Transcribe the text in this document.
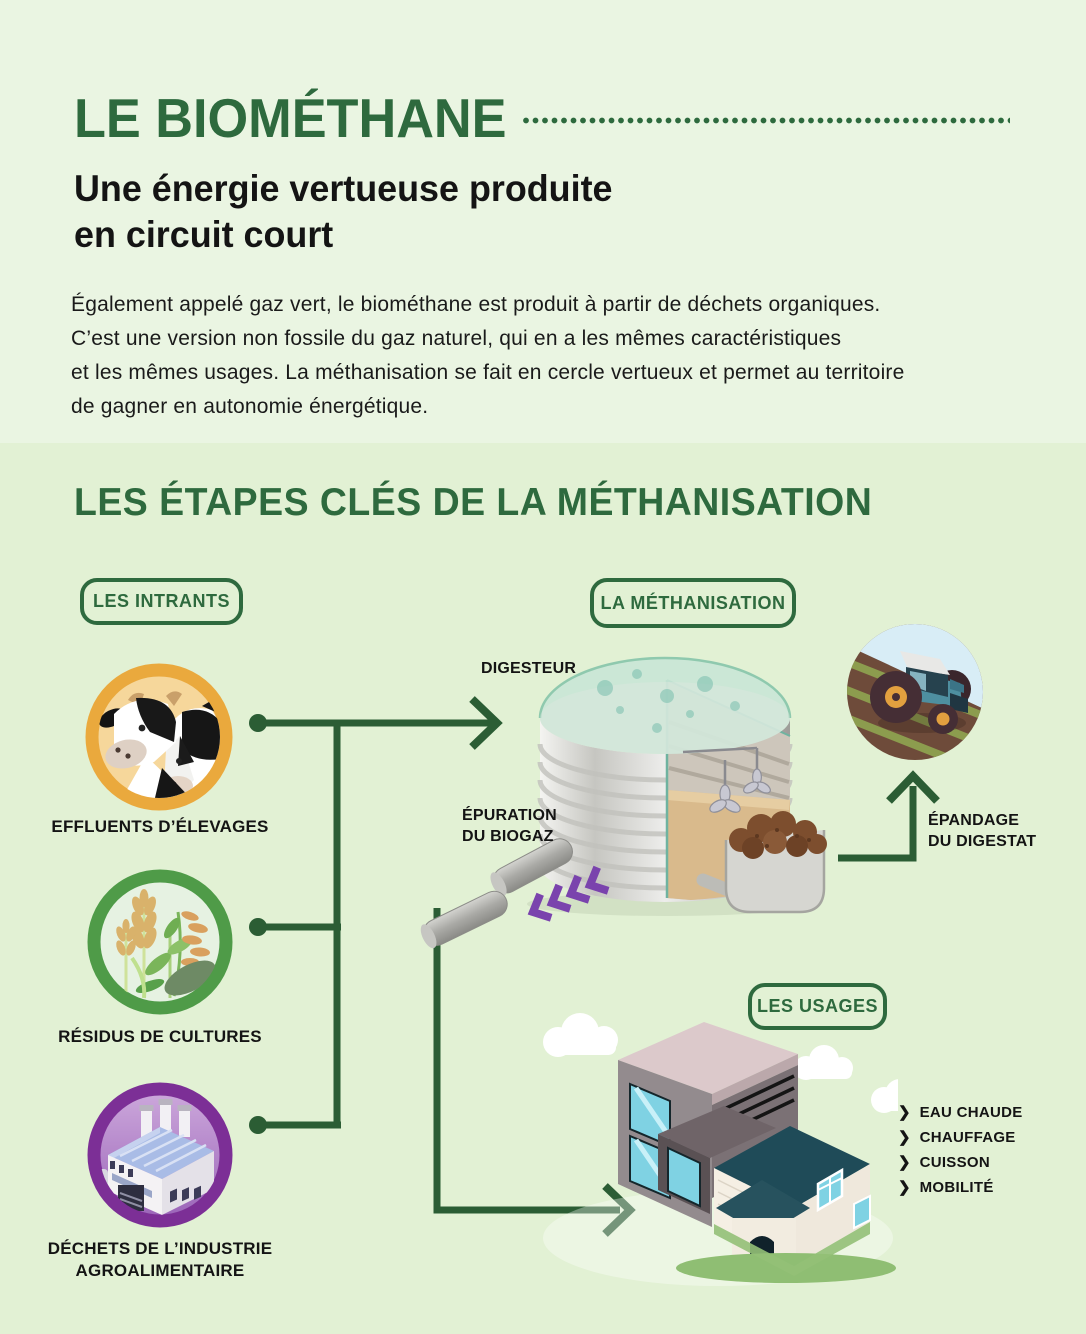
LE BIOMÉTHANE
Une énergie vertueuse produite
en circuit court
Également appelé gaz vert, le biométhane est produit à partir de déchets organiques.
C’est une version non fossile du gaz naturel, qui en a les mêmes caractéristiques
et les mêmes usages. La méthanisation se fait en cercle vertueux et permet au territoire
de gagner en autonomie énergétique.
LES ÉTAPES CLÉS DE LA MÉTHANISATION
LES INTRANTS	LA MÉTHANISATION
LES USAGES
EFFLUENTS D’ÉLEVAGES
RÉSIDUS DE CULTURES
DÉCHETS DE L’INDUSTRIE
AGROALIMENTAIRE
DIGESTEUR
ÉPURATION
DU BIOGAZ
ÉPANDAGE
DU DIGESTAT
❯ EAU CHAUDE
❯ CHAUFFAGE
❯ CUISSON
❯ MOBILITÉ
